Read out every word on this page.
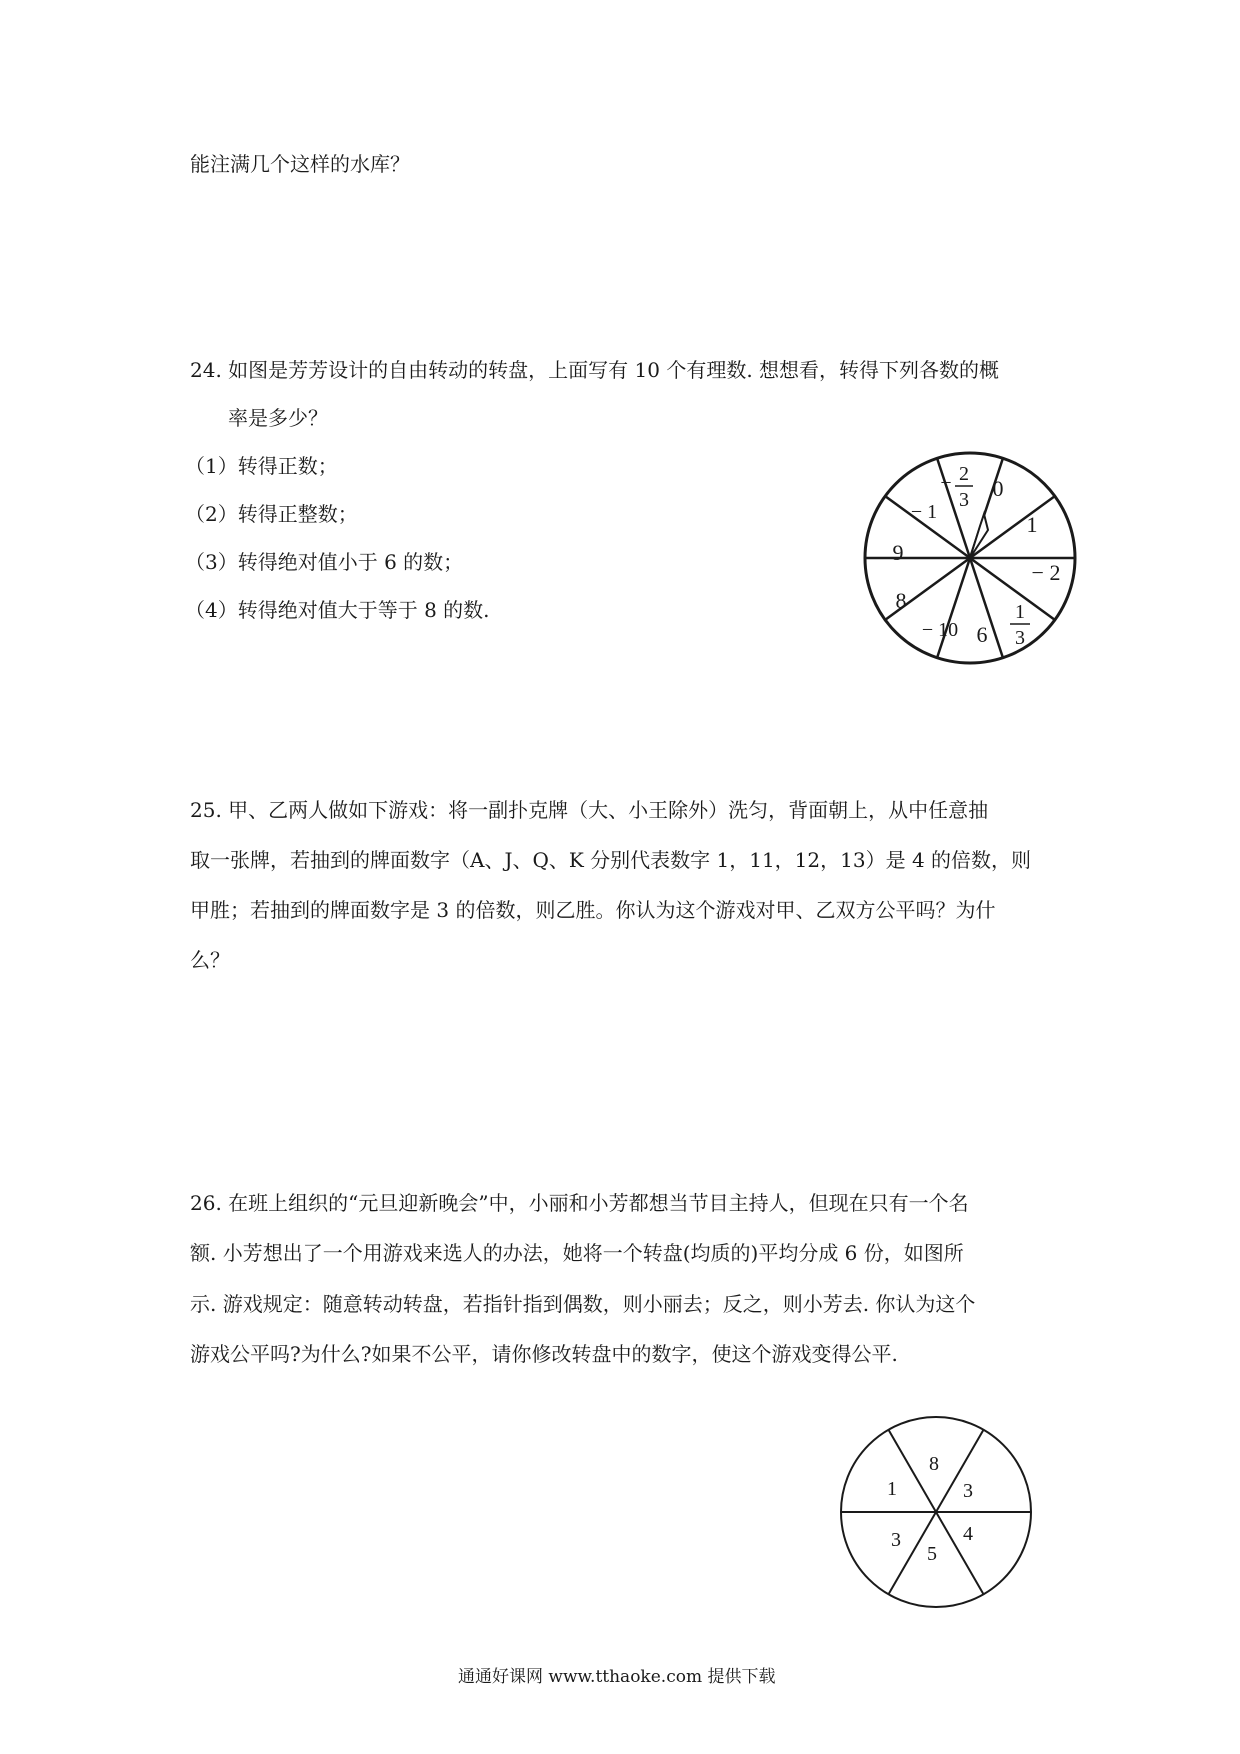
能注满几个这样的水库？
24. 如图是芳芳设计的自由转动的转盘，上面写有 10 个有理数. 想想看，转得下列各数的概
率是多少？
（1）转得正数；
（2）转得正整数；
（3）转得绝对值小于 6 的数；
（4）转得绝对值大于等于 8 的数.
0
1
− 2
1
3
6
− 10
8
9
− 1
− 2
3
25. 甲、乙两人做如下游戏：将一副扑克牌（大、小王除外）洗匀，背面朝上，从中任意抽
取一张牌，若抽到的牌面数字（A、J、Q、K 分别代表数字 1，11，12，13）是 4 的倍数，则
甲胜；若抽到的牌面数字是 3 的倍数，则乙胜。你认为这个游戏对甲、乙双方公平吗？为什
么？
26. 在班上组织的“元旦迎新晚会”中，小丽和小芳都想当节目主持人，但现在只有一个名
额. 小芳想出了一个用游戏来选人的办法，她将一个转盘(均质的)平均分成 6 份，如图所
示. 游戏规定：随意转动转盘，若指针指到偶数，则小丽去；反之，则小芳去. 你认为这个
游戏公平吗?为什么?如果不公平，请你修改转盘中的数字，使这个游戏变得公平.
8
3
4
5
3
1
通通好课网 www.tthaoke.com 提供下载
